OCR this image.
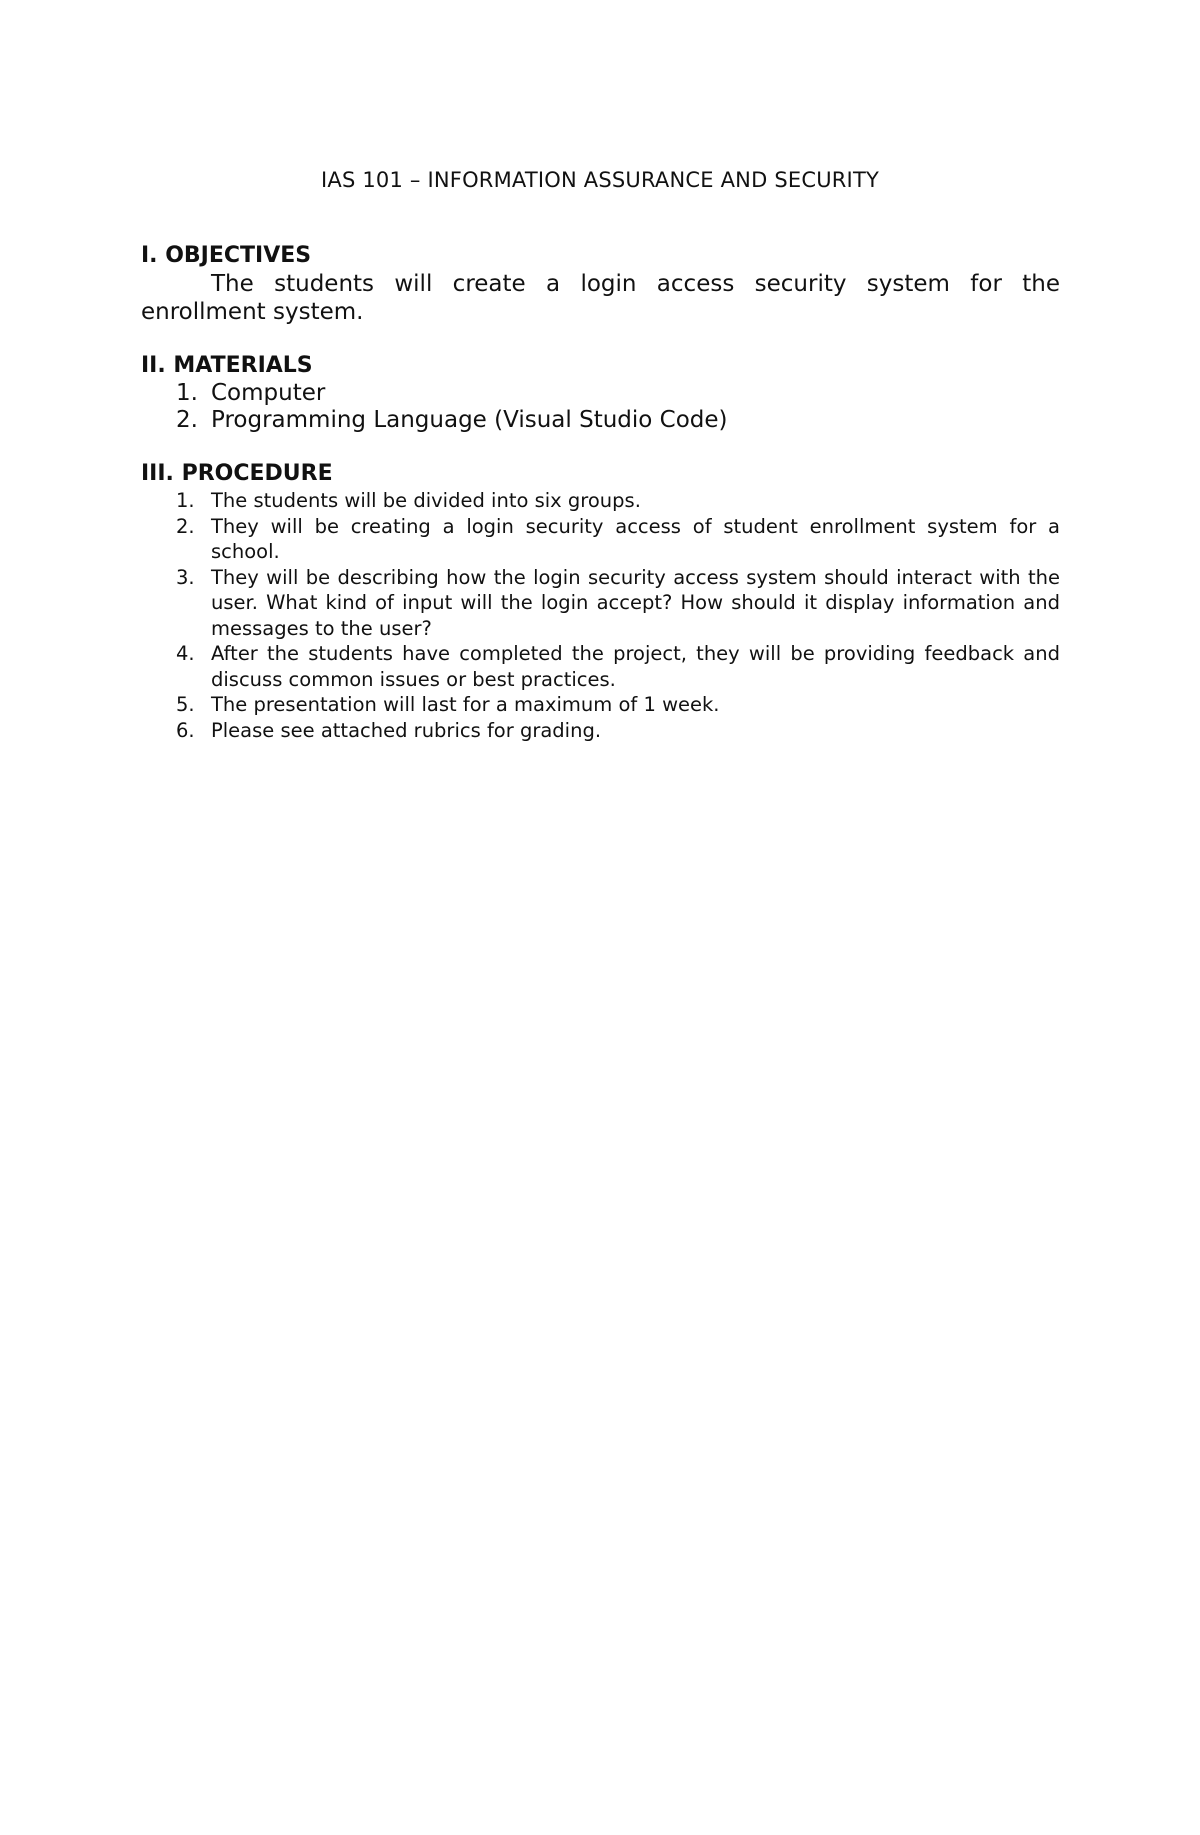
IAS 101 – INFORMATION ASSURANCE AND SECURITY

I. OBJECTIVES

The students will create a login access security system for the enrollment system.

II. MATERIALS

1. Computer
2. Programming Language (Visual Studio Code)

III. PROCEDURE

1. The students will be divided into six groups.
2. They will be creating a login security access of student enrollment system for a school.
3. They will be describing how the login security access system should interact with the user. What kind of input will the login accept? How should it display information and messages to the user?
4. After the students have completed the project, they will be providing feedback and discuss common issues or best practices.
5. The presentation will last for a maximum of 1 week.
6. Please see attached rubrics for grading.
